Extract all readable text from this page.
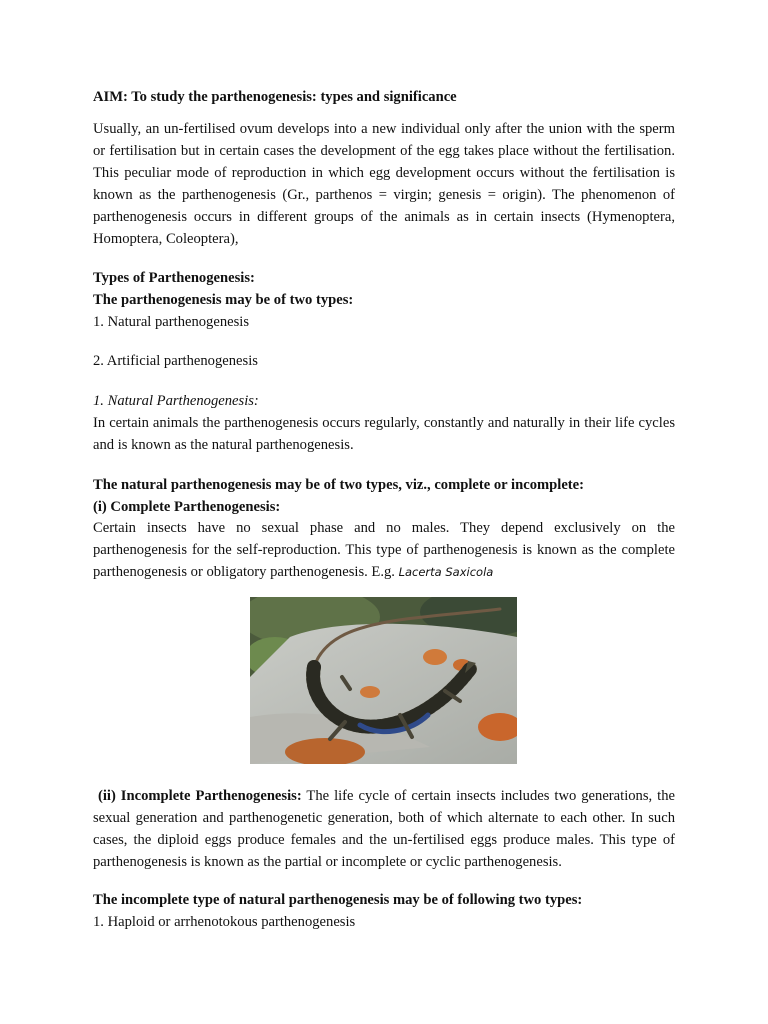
AIM: To study the parthenogenesis: types and significance
Usually, an un-fertilised ovum develops into a new individual only after the union with the sperm or fertilisation but in certain cases the development of the egg takes place without the fertilisation. This peculiar mode of reproduction in which egg development occurs without the fertilisation is known as the parthenogenesis (Gr., parthenos = virgin; genesis = origin). The phenomenon of parthenogenesis occurs in different groups of the animals as in certain insects (Hymenoptera, Homoptera, Coleoptera),
Types of Parthenogenesis:
The parthenogenesis may be of two types:
1. Natural parthenogenesis
2. Artificial parthenogenesis
1. Natural Parthenogenesis:
In certain animals the parthenogenesis occurs regularly, constantly and naturally in their life cycles and is known as the natural parthenogenesis.
The natural parthenogenesis may be of two types, viz., complete or incomplete:
(i) Complete Parthenogenesis:
Certain insects have no sexual phase and no males. They depend exclusively on the parthenogenesis for the self-reproduction. This type of parthenogenesis is known as the complete parthenogenesis or obligatory parthenogenesis. E.g. Lacerta Saxicola
(ii) Incomplete Parthenogenesis: The life cycle of certain insects includes two generations, the sexual generation and parthenogenetic generation, both of which alternate to each other. In such cases, the diploid eggs produce females and the un-fertilised eggs produce males. This type of parthenogenesis is known as the partial or incomplete or cyclic parthenogenesis.
The incomplete type of natural parthenogenesis may be of following two types:
1. Haploid or arrhenotokous parthenogenesis
